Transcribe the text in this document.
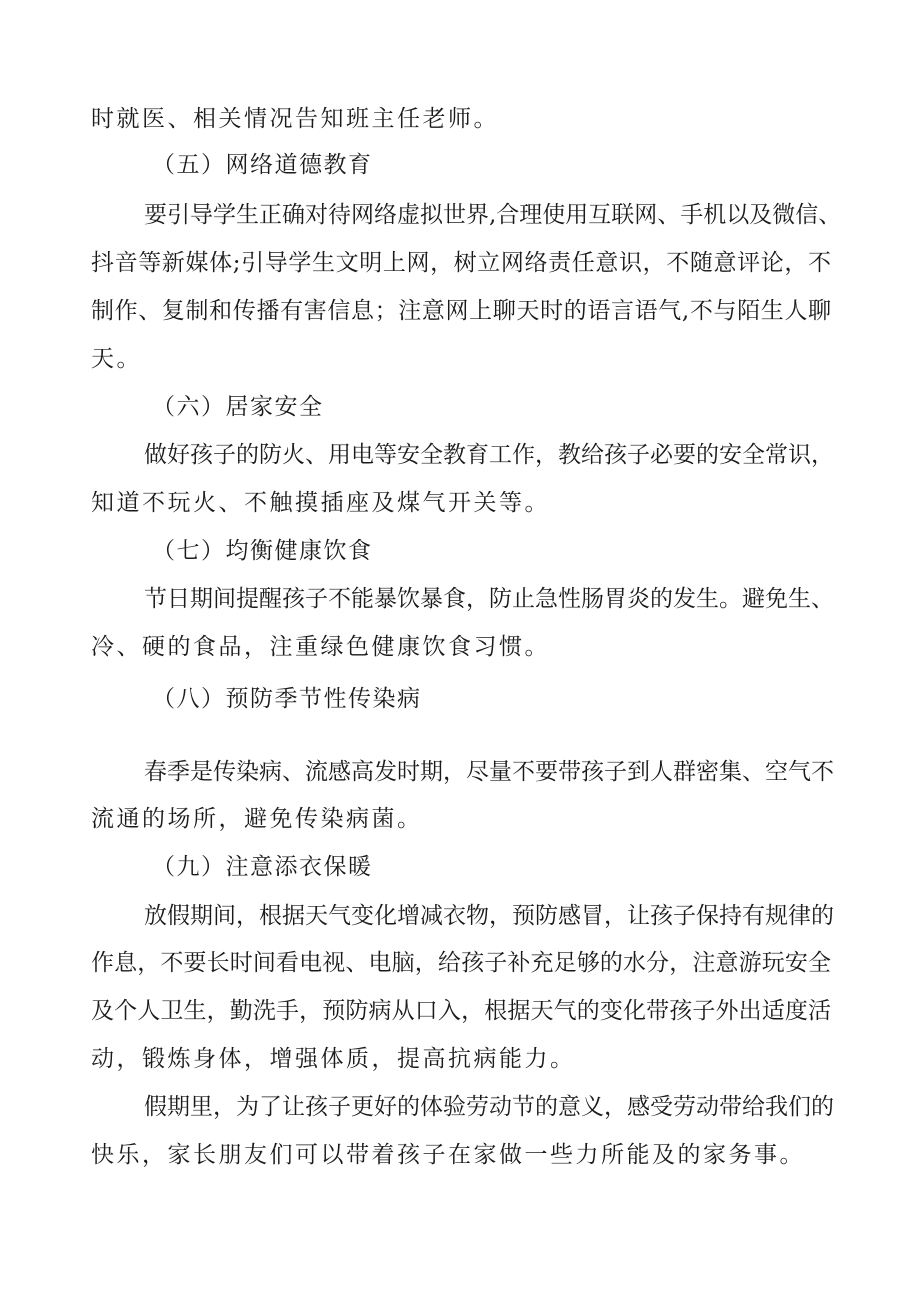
时就医、相关情况告知班主任老师。
（五）网络道德教育
要引导学生正确对待网络虚拟世界,合理使用互联网、手机以及微信、
抖音等新媒体;引导学生文明上网，树立网络责任意识，不随意评论，不
制作、复制和传播有害信息；注意网上聊天时的语言语气,不与陌生人聊
天。
（六）居家安全
做好孩子的防火、用电等安全教育工作，教给孩子必要的安全常识，
知道不玩火、不触摸插座及煤气开关等。
（七）均衡健康饮食
节日期间提醒孩子不能暴饮暴食，防止急性肠胃炎的发生。避免生、
冷、硬的食品，注重绿色健康饮食习惯。
（八）预防季节性传染病
春季是传染病、流感高发时期，尽量不要带孩子到人群密集、空气不
流通的场所，避免传染病菌。
（九）注意添衣保暖
放假期间，根据天气变化增减衣物，预防感冒，让孩子保持有规律的
作息，不要长时间看电视、电脑，给孩子补充足够的水分，注意游玩安全
及个人卫生，勤洗手，预防病从口入，根据天气的变化带孩子外出适度活
动，锻炼身体，增强体质，提高抗病能力。
假期里，为了让孩子更好的体验劳动节的意义，感受劳动带给我们的
快乐，家长朋友们可以带着孩子在家做一些力所能及的家务事。
